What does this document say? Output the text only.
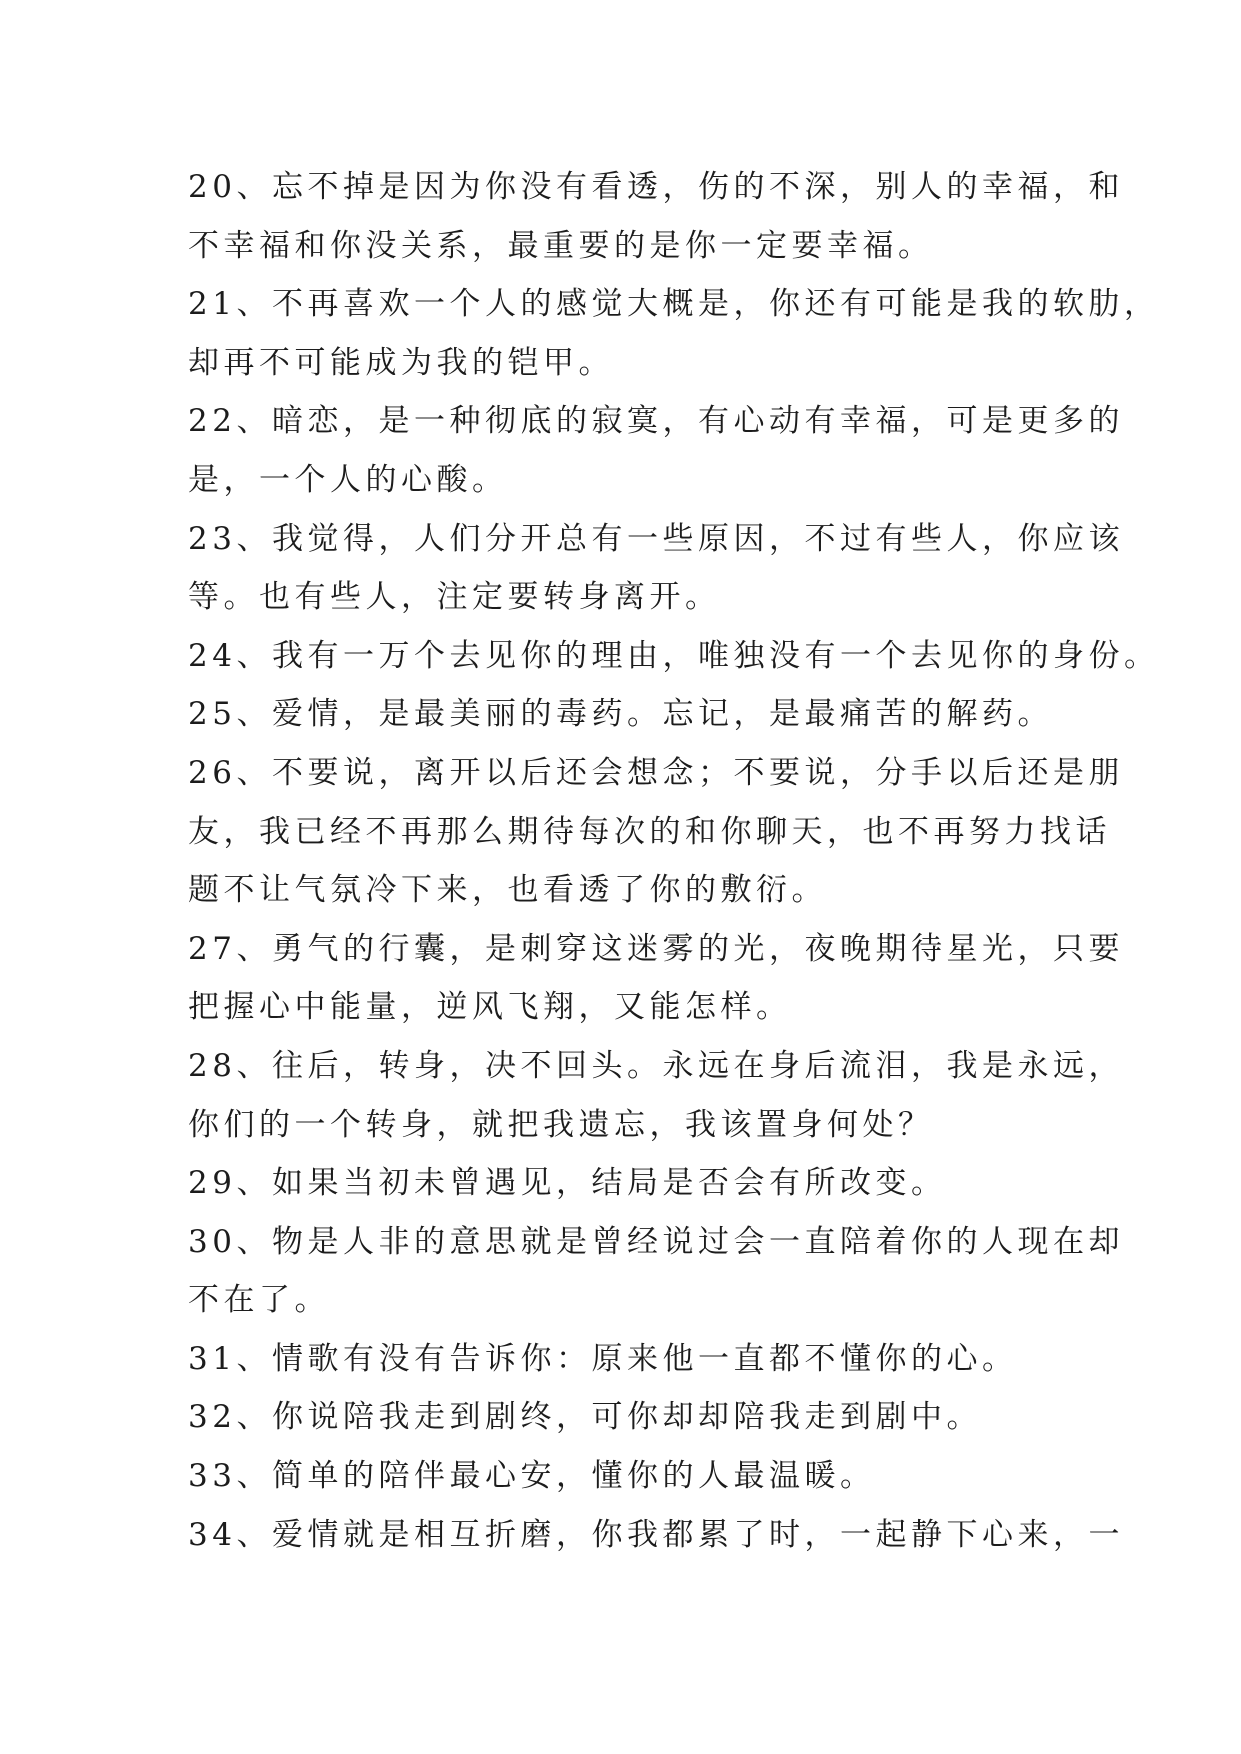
20、忘不掉是因为你没有看透，伤的不深，别人的幸福，和
不幸福和你没关系，最重要的是你一定要幸福。
21、不再喜欢一个人的感觉大概是，你还有可能是我的软肋，
却再不可能成为我的铠甲。
22、暗恋，是一种彻底的寂寞，有心动有幸福，可是更多的
是，一个人的心酸。
23、我觉得，人们分开总有一些原因，不过有些人，你应该
等。也有些人，注定要转身离开。
24、我有一万个去见你的理由，唯独没有一个去见你的身份。
25、爱情，是最美丽的毒药。忘记，是最痛苦的解药。
26、不要说，离开以后还会想念；不要说，分手以后还是朋
友，我已经不再那么期待每次的和你聊天，也不再努力找话
题不让气氛冷下来，也看透了你的敷衍。
27、勇气的行囊，是刺穿这迷雾的光，夜晚期待星光，只要
把握心中能量，逆风飞翔，又能怎样。
28、往后，转身，决不回头。永远在身后流泪，我是永远，
你们的一个转身，就把我遗忘，我该置身何处？
29、如果当初未曾遇见，结局是否会有所改变。
30、物是人非的意思就是曾经说过会一直陪着你的人现在却
不在了。
31、情歌有没有告诉你：原来他一直都不懂你的心。
32、你说陪我走到剧终，可你却却陪我走到剧中。
33、简单的陪伴最心安，懂你的人最温暖。
34、爱情就是相互折磨，你我都累了时，一起静下心来，一
